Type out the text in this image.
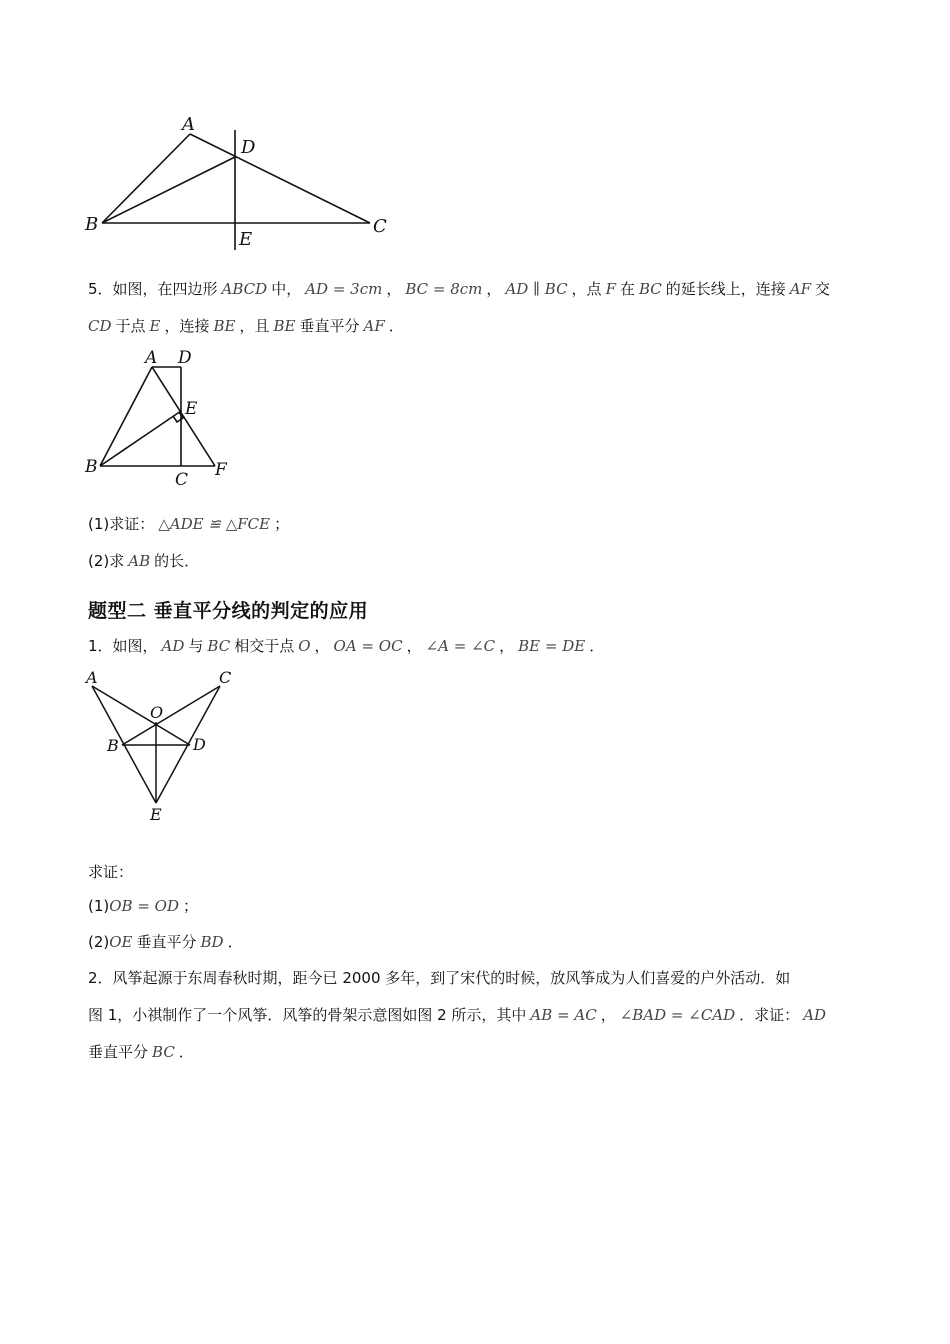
A
B	C
D
E
5．如图，在四边形 ABCD 中， AD = 3cm ， BC = 8cm ， AD ∥ BC ，点 F 在 BC 的延长线上，连接 AF 交
CD 于点 E ，连接 BE ，且 BE 垂直平分 AF ．
A D
E
B
C F
(1)求证： △ADE ≌ △FCE ；
(2)求 AB 的长．
题型二 垂直平分线的判定的应用
1．如图， AD 与 BC 相交于点 O ， OA = OC ， ∠A = ∠C ， BE = DE ．
A	C
O
B	D
E
求证：
(1)OB = OD ；
(2)OE 垂直平分 BD ．
2．风筝起源于东周春秋时期，距今已 2000 多年，到了宋代的时候，放风筝成为人们喜爱的户外活动．如
图 1，小祺制作了一个风筝．风筝的骨架示意图如图 2 所示，其中 AB = AC ， ∠BAD = ∠CAD ．求证： AD
垂直平分 BC ．
